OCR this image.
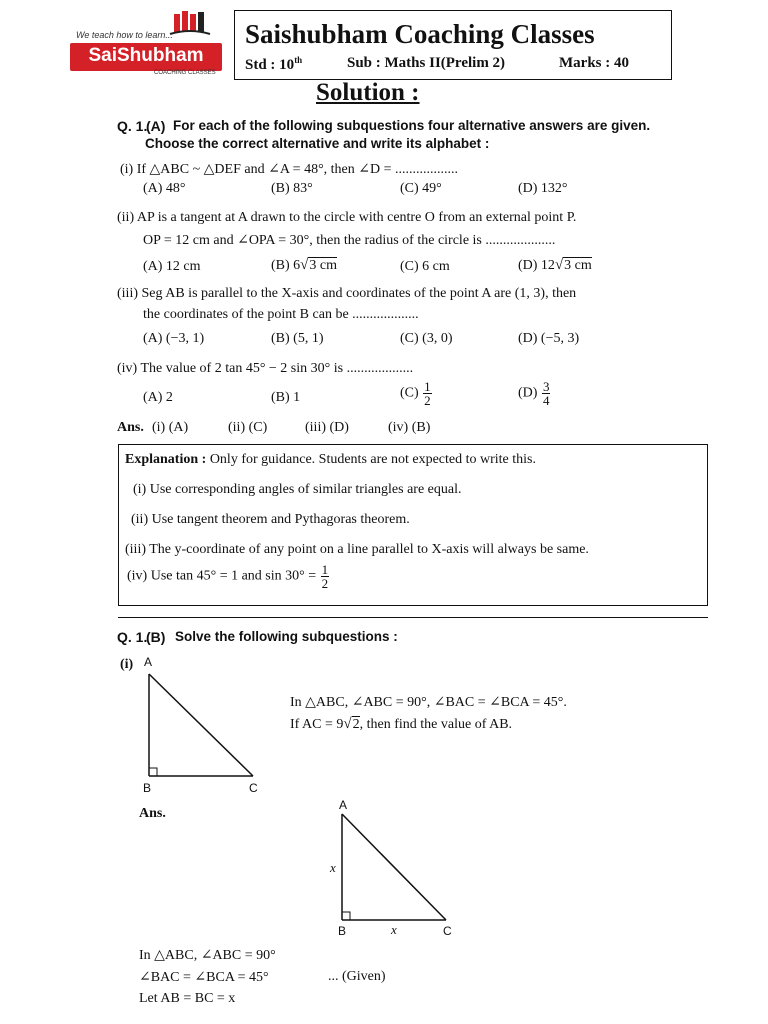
We teach how to learn...
SaiShubham
COACHING CLASSES
Saishubham Coaching Classes
Std : 10th	Sub : Maths II(Prelim 2)	Marks : 40
Solution :
Q. 1.
(A) For each of the following subquestions four alternative answers are given.
Choose the correct alternative and write its alphabet :
(i) If △ABC ~ △DEF and ∠A = 48°, then ∠D = ..................
(A) 48°	(B) 83°	(C) 49°	(D) 132°
(ii) AP is a tangent at A drawn to the circle with centre O from an external point P.
OP = 12 cm and ∠OPA = 30°, then the radius of the circle is ....................
(A) 12 cm	(B) 6√3 cm	(C) 6 cm	(D) 12√3 cm
(iii) Seg AB is parallel to the X-axis and coordinates of the point A are (1, 3), then
the coordinates of the point B can be ...................
(A) (−3, 1)	(B) (5, 1)	(C) (3, 0)	(D) (−5, 3)
(iv) The value of 2 tan 45° − 2 sin 30° is ...................
(A) 2	(B) 1	$(C) \frac{1}{2}$	$(D) \frac{3}{4}$
Ans. (i) (A)	(ii) (C)	(iii) (D)	(iv) (B)
Explanation : Only for guidance. Students are not expected to write this.
(i) Use corresponding angles of similar triangles are equal.
(ii) Use tangent theorem and Pythagoras theorem.
(iii) The y-coordinate of any point on a line parallel to X-axis will always be same.
(iv) Use tan 45° = 1 and $\sin 30^\circ = \frac{1}{2}$
Q. 1.
(B) Solve the following subquestions :
(i) A
B	C
In △ABC, ∠ABC = 90°, ∠BAC = ∠BCA = 45°.
If AC = 9√2, then find the value of AB.
Ans.
A
x
B	x	C
In △ABC, ∠ABC = 90°
∠BAC = ∠BCA = 45°	... (Given)
Let AB = BC = x
